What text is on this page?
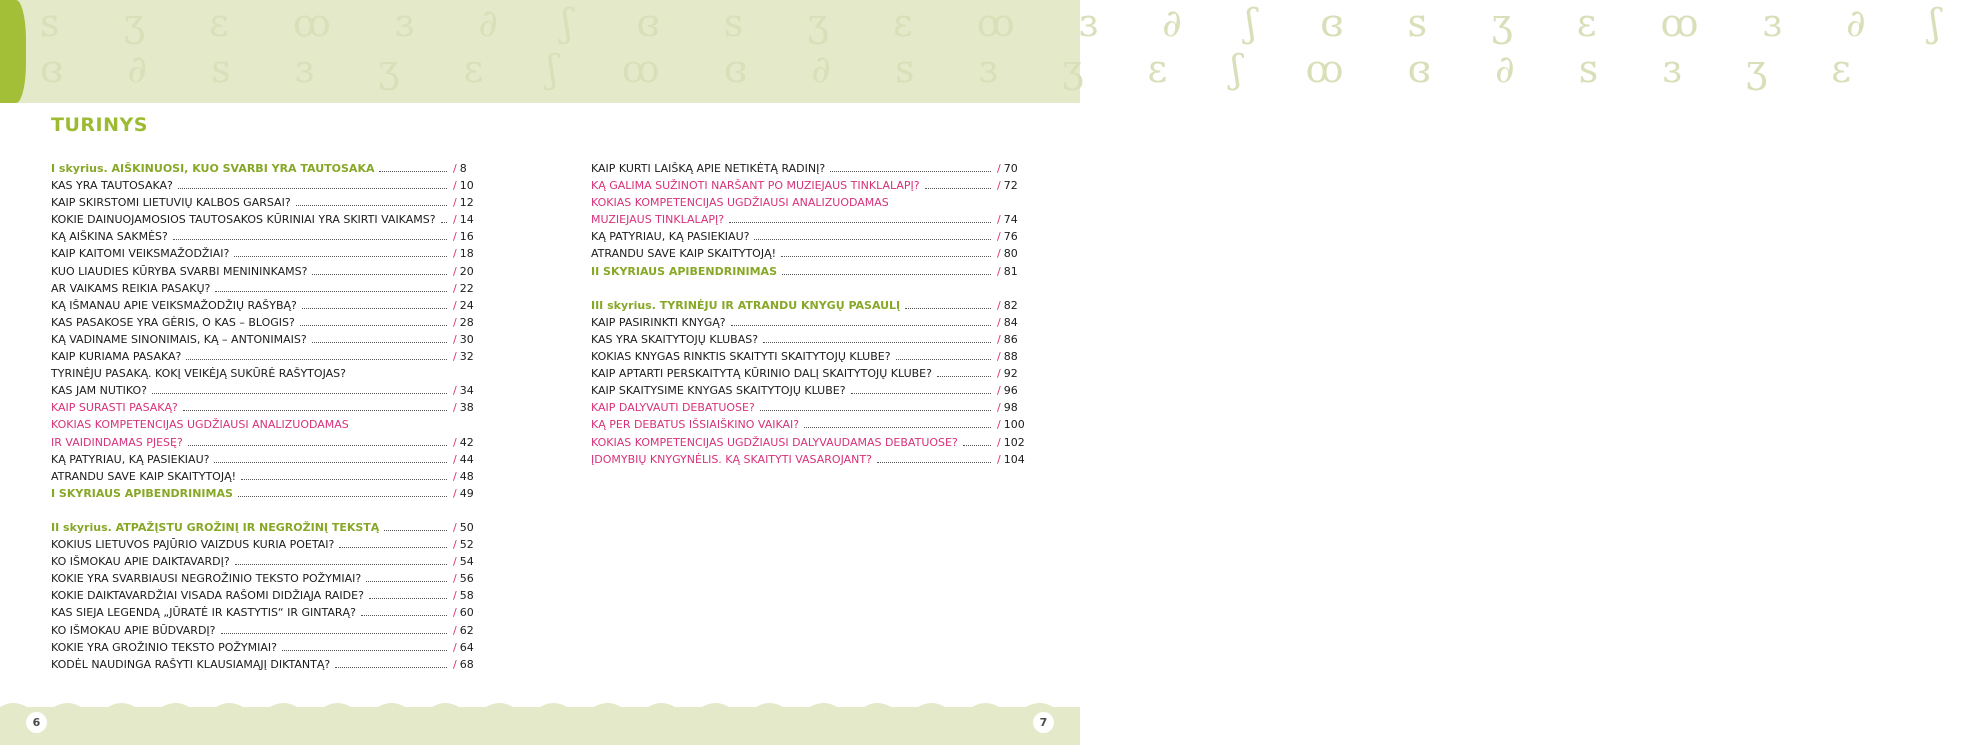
ꜱ ʒ ɛ ꝏ ɜ ∂ ʃ ɞ ꜱ ʒ ɛ ꝏ ɜ ∂ ʃ ɞ ꜱ ʒ ɛ ꝏ ɜ ∂ ʃ
ɞ ∂ ꜱ ɜ ʒ ɛ ʃ ꝏ ɞ ∂ ꜱ ɜ ʒ ɛ ʃ ꝏ ɞ ∂ ꜱ ɜ ʒ ɛ
6	7
TURINYS
I skyrius. AIŠKINUOSI, KUO SVARBI YRA TAUTOSAKA	/ 8
KAS YRA TAUTOSAKA?	/ 10
KAIP SKIRSTOMI LIETUVIŲ KALBOS GARSAI?	/ 12
KOKIE DAINUOJAMOSIOS TAUTOSAKOS KŪRINIAI YRA SKIRTI VAIKAMS? / 14
KĄ AIŠKINA SAKMĖS?	/ 16
KAIP KAITOMI VEIKSMAŽODŽIAI?	/ 18
KUO LIAUDIES KŪRYBA SVARBI MENININKAMS?	/ 20
AR VAIKAMS REIKIA PASAKŲ?	/ 22
KĄ IŠMANAU APIE VEIKSMAŽODŽIŲ RAŠYBĄ?	/ 24
KAS PASAKOSE YRA GĖRIS, O KAS – BLOGIS?	/ 28
KĄ VADINAME SINONIMAIS, KĄ – ANTONIMAIS?	/ 30
KAIP KURIAMA PASAKA?	/ 32
TYRINĖJU PASAKĄ. KOKĮ VEIKĖJĄ SUKŪRĖ RAŠYTOJAS?
KAS JAM NUTIKO?	/ 34
KAIP SURASTI PASAKĄ?	/ 38
KOKIAS KOMPETENCIJAS UGDŽIAUSI ANALIZUODAMAS
IR VAIDINDAMAS PJESĘ?	/ 42
KĄ PATYRIAU, KĄ PASIEKIAU?	/ 44
ATRANDU SAVE KAIP SKAITYTOJĄ!	/ 48
I SKYRIAUS APIBENDRINIMAS	/ 49
II skyrius. ATPAŽĮSTU GROŽINĮ IR NEGROŽINĮ TEKSTĄ	/ 50
KOKIUS LIETUVOS PAJŪRIO VAIZDUS KURIA POETAI?	/ 52
KO IŠMOKAU APIE DAIKTAVARDĮ?	/ 54
KOKIE YRA SVARBIAUSI NEGROŽINIO TEKSTO POŽYMIAI?	/ 56
KOKIE DAIKTAVARDŽIAI VISADA RAŠOMI DIDŽIĄJA RAIDE?	/ 58
KAS SIEJA LEGENDĄ „JŪRATĖ IR KASTYTIS“ IR GINTARĄ?	/ 60
KO IŠMOKAU APIE BŪDVARDĮ?	/ 62
KOKIE YRA GROŽINIO TEKSTO POŽYMIAI?	/ 64
KODĖL NAUDINGA RAŠYTI KLAUSIAMĄJĮ DIKTANTĄ?	/ 68
KAIP KURTI LAIŠKĄ APIE NETIKĖTĄ RADINĮ?	/ 70
KĄ GALIMA SUŽINOTI NARŠANT PO MUZIEJAUS TINKLALAPĮ?	/ 72
KOKIAS KOMPETENCIJAS UGDŽIAUSI ANALIZUODAMAS
MUZIEJAUS TINKLALAPĮ?	/ 74
KĄ PATYRIAU, KĄ PASIEKIAU?	/ 76
ATRANDU SAVE KAIP SKAITYTOJĄ!	/ 80
II SKYRIAUS APIBENDRINIMAS	/ 81
III skyrius. TYRINĖJU IR ATRANDU KNYGŲ PASAULĮ	/ 82
KAIP PASIRINKTI KNYGĄ?	/ 84
KAS YRA SKAITYTOJŲ KLUBAS?	/ 86
KOKIAS KNYGAS RINKTIS SKAITYTI SKAITYTOJŲ KLUBE?	/ 88
KAIP APTARTI PERSKAITYTĄ KŪRINIO DALĮ SKAITYTOJŲ KLUBE?	/ 92
KAIP SKAITYSIME KNYGAS SKAITYTOJŲ KLUBE?	/ 96
KAIP DALYVAUTI DEBATUOSE?	/ 98
KĄ PER DEBATUS IŠSIAIŠKINO VAIKAI?	/ 100
KOKIAS KOMPETENCIJAS UGDŽIAUSI DALYVAUDAMAS DEBATUOSE?	/ 102
ĮDOMYBIŲ KNYGYNĖLIS. KĄ SKAITYTI VASAROJANT?	/ 104
